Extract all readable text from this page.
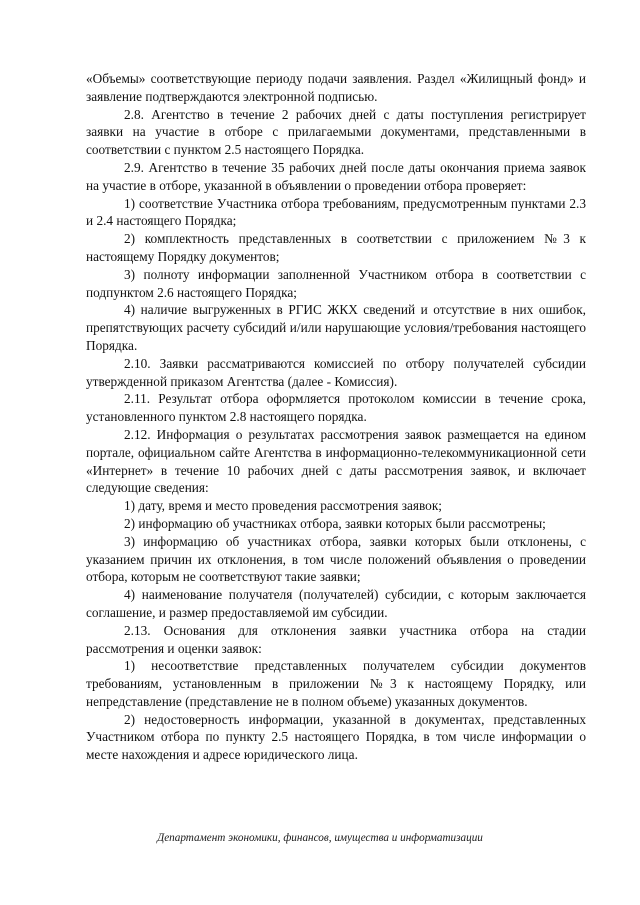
«Объемы» соответствующие периоду подачи заявления. Раздел «Жилищный фонд» и заявление подтверждаются электронной подписью.

2.8. Агентство в течение 2 рабочих дней с даты поступления регистрирует заявки на участие в отборе с прилагаемыми документами, представленными в соответствии с пунктом 2.5 настоящего Порядка.

2.9. Агентство в течение 35 рабочих дней после даты окончания приема заявок на участие в отборе, указанной в объявлении о проведении отбора проверяет:

1) соответствие Участника отбора требованиям, предусмотренным пунктами 2.3 и 2.4 настоящего Порядка;

2) комплектность представленных в соответствии с приложением №3 к настоящему Порядку документов;

3) полноту информации заполненной Участником отбора в соответствии с подпунктом 2.6 настоящего Порядка;

4) наличие выгруженных в РГИС ЖКХ сведений и отсутствие в них ошибок, препятствующих расчету субсидий и/или нарушающие условия/требования настоящего Порядка.

2.10. Заявки рассматриваются комиссией по отбору получателей субсидии утвержденной приказом Агентства (далее - Комиссия).

2.11. Результат отбора оформляется протоколом комиссии в течение срока, установленного пунктом 2.8 настоящего порядка.

2.12. Информация о результатах рассмотрения заявок размещается на едином портале, официальном сайте Агентства в информационно-телекоммуникационной сети «Интернет» в течение 10 рабочих дней с даты рассмотрения заявок, и включает следующие сведения:

1) дату, время и место проведения рассмотрения заявок;

2) информацию об участниках отбора, заявки которых были рассмотрены;

3) информацию об участниках отбора, заявки которых были отклонены, с указанием причин их отклонения, в том числе положений объявления о проведении отбора, которым не соответствуют такие заявки;

4) наименование получателя (получателей) субсидии, с которым заключается соглашение, и размер предоставляемой им субсидии.

2.13. Основания для отклонения заявки участника отбора на стадии рассмотрения и оценки заявок:

1) несоответствие представленных получателем субсидии документов требованиям, установленным в приложении №3 к настоящему Порядку, или непредставление (представление не в полном объеме) указанных документов.

2) недостоверность информации, указанной в документах, представленных Участником отбора по пункту 2.5 настоящего Порядка, в том числе информации о месте нахождения и адресе юридического лица.

Департамент экономики, финансов, имущества и информатизации
